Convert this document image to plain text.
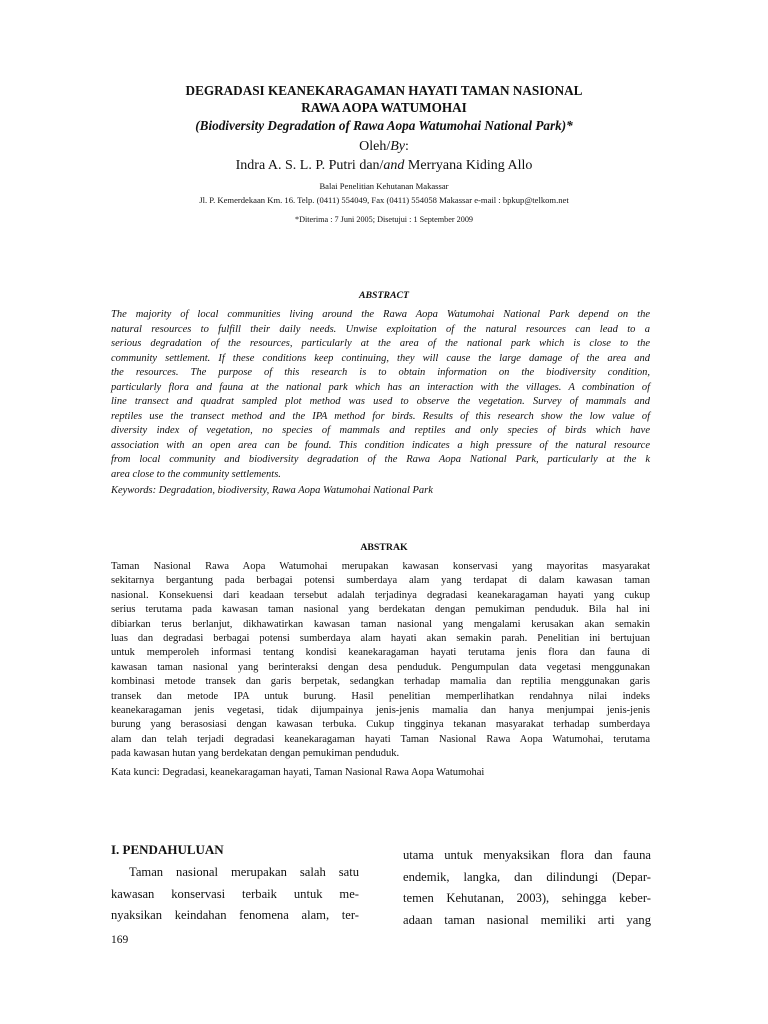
DEGRADASI KEANEKARAGAMAN HAYATI TAMAN NASIONAL
RAWA AOPA WATUMOHAI
(Biodiversity Degradation of Rawa Aopa Watumohai National Park)*
Oleh/By:
Indra A. S. L. P. Putri dan/and Merryana Kiding Allo
Balai Penelitian Kehutanan Makassar
Jl. P. Kemerdekaan Km. 16. Telp. (0411) 554049, Fax (0411) 554058 Makassar e-mail : bpkup@telkom.net
*Diterima : 7 Juni 2005; Disetujui : 1 September 2009
ABSTRACT
The majority of local communities living around the Rawa Aopa Watumohai National Park depend on the
natural resources to fulfill their daily needs. Unwise exploitation of the natural resources can lead to a
serious degradation of the resources, particularly at the area of the national park which is close to the
community settlement. If these conditions keep continuing, they will cause the large damage of the area and
the resources. The purpose of this research is to obtain information on the biodiversity condition,
particularly flora and fauna at the national park which has an interaction with the villages. A combination of
line transect and quadrat sampled plot method was used to observe the vegetation. Survey of mammals and
reptiles use the transect method and the IPA method for birds. Results of this research show the low value of
diversity index of vegetation, no species of mammals and reptiles and only species of birds which have
association with an open area can be found. This condition indicates a high pressure of the natural resource
from local community and biodiversity degradation of the Rawa Aopa National Park, particularly at the k
area close to the community settlements.
Keywords: Degradation, biodiversity, Rawa Aopa Watumohai National Park
ABSTRAK
Taman Nasional Rawa Aopa Watumohai merupakan kawasan konservasi yang mayoritas masyarakat
sekitarnya bergantung pada berbagai potensi sumberdaya alam yang terdapat di dalam kawasan taman
nasional. Konsekuensi dari keadaan tersebut adalah terjadinya degradasi keanekaragaman hayati yang cukup
serius terutama pada kawasan taman nasional yang berdekatan dengan pemukiman penduduk. Bila hal ini
dibiarkan terus berlanjut, dikhawatirkan kawasan taman nasional yang mengalami kerusakan akan semakin
luas dan degradasi berbagai potensi sumberdaya alam hayati akan semakin parah. Penelitian ini bertujuan
untuk memperoleh informasi tentang kondisi keanekaragaman hayati terutama jenis flora dan fauna di
kawasan taman nasional yang berinteraksi dengan desa penduduk. Pengumpulan data vegetasi menggunakan
kombinasi metode transek dan garis berpetak, sedangkan terhadap mamalia dan reptilia menggunakan garis
transek dan metode IPA untuk burung. Hasil penelitian memperlihatkan rendahnya nilai indeks
keanekaragaman jenis vegetasi, tidak dijumpainya jenis-jenis mamalia dan hanya menjumpai jenis-jenis
burung yang berasosiasi dengan kawasan terbuka. Cukup tingginya tekanan masyarakat terhadap sumberdaya
alam dan telah terjadi degradasi keanekaragaman hayati Taman Nasional Rawa Aopa Watumohai, terutama
pada kawasan hutan yang berdekatan dengan pemukiman penduduk.
Kata kunci: Degradasi, keanekaragaman hayati, Taman Nasional Rawa Aopa Watumohai
I. PENDAHULUAN
Taman nasional merupakan salah satu
kawasan konservasi terbaik untuk me-
nyaksikan keindahan fenomena alam, ter-
utama untuk menyaksikan flora dan fauna
endemik, langka, dan dilindungi (Depar-
temen Kehutanan, 2003), sehingga keber-
adaan taman nasional memiliki arti yang
169
